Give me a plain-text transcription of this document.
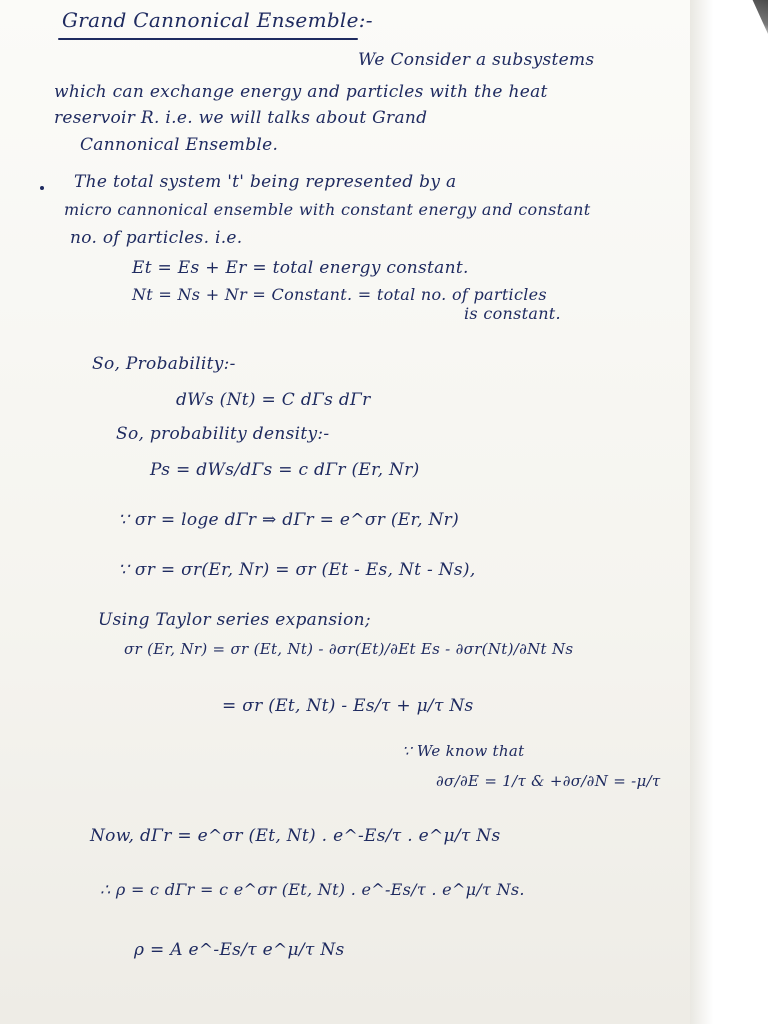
Grand Cannonical Ensemble:-
We Consider a subsystems
which can exchange energy and particles with the heat
reservoir R. i.e. we will talks about Grand
Cannonical Ensemble.
The total system 't' being represented by a
micro cannonical ensemble with constant energy and constant
no. of particles. i.e.
Et = Es + Er = total energy constant.
Nt = Ns + Nr = Constant. = total no. of particles
is constant.
So, Probability:-
dWs (Nt) = C dΓs dΓr
So, probability density:-
Ps = dWs/dΓs = c dΓr (Er, Nr)
∵ σr = loge dΓr ⇒ dΓr = e^σr (Er, Nr)
∵ σr = σr(Er, Nr) = σr (Et - Es, Nt - Ns),
Using Taylor series expansion;
σr (Er, Nr) = σr (Et, Nt) - ∂σr(Et)/∂Et Es - ∂σr(Nt)/∂Nt Ns
= σr (Et, Nt) - Es/τ + μ/τ Ns
∵ We know that
∂σ/∂E = 1/τ & +∂σ/∂N = -μ/τ
Now, dΓr = e^σr (Et, Nt) . e^-Es/τ . e^μ/τ Ns
∴ ρ = c dΓr = c e^σr (Et, Nt) . e^-Es/τ . e^μ/τ Ns.
ρ = A e^-Es/τ e^μ/τ Ns
